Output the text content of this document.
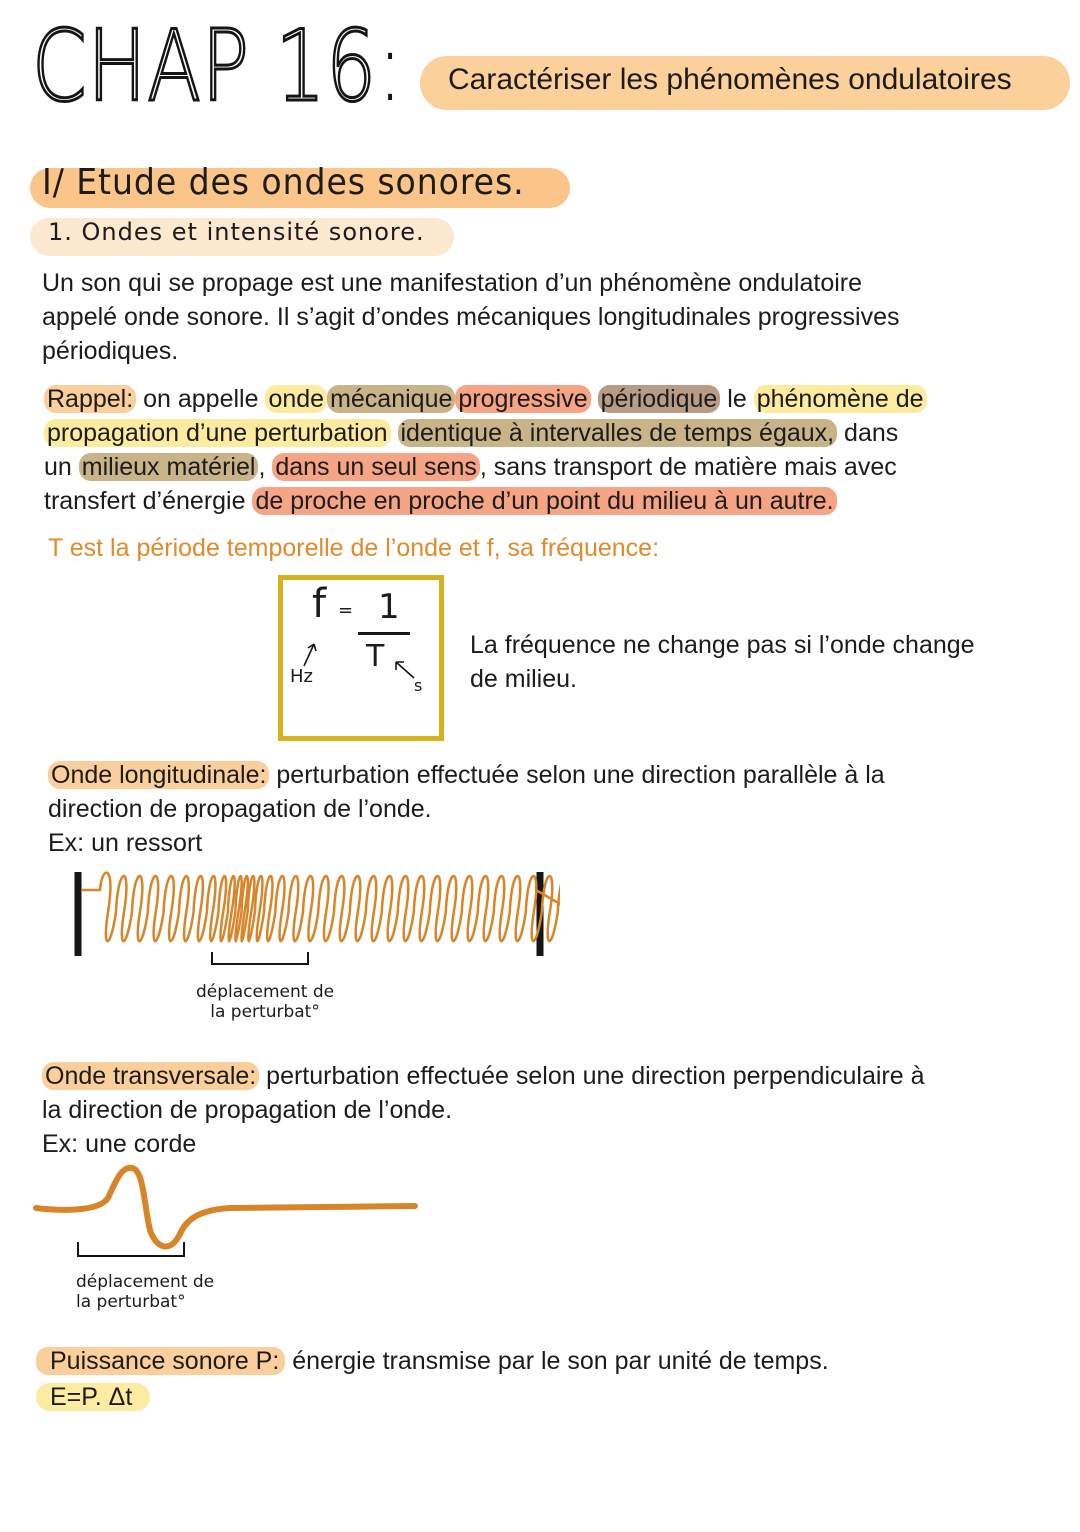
CHAP 16: Caractériser les phénomènes ondulatoires
I/ Etude des ondes sonores.
1. Ondes et intensité sonore.
Un son qui se propage est une manifestation d’un phénomène ondulatoire
appelé onde sonore. Il s’agit d’ondes mécaniques longitudinales progressives
périodiques.
Rappel: on appelle onde mécanique progressive périodique le phénomène de
propagation d’une perturbation identique à intervalles de temps égaux, dans
un milieux matériel , dans un seul sens , sans transport de matière mais avec
transfert d’énergie de proche en proche d’un point du milieu à un autre.
T est la période temporelle de l’onde et f, sa fréquence:
f = 1
T
Hz	s
La fréquence ne change pas si l’onde change
de milieu.
Onde longitudinale: perturbation effectuée selon une direction parallèle à la
direction de propagation de l’onde.
Ex: un ressort
déplacement de
la perturbat°
Onde transversale: perturbation effectuée selon une direction perpendiculaire à
la direction de propagation de l’onde.
Ex: une corde
déplacement de
la perturbat°
Puissance sonore P: énergie transmise par le son par unité de temps.
E=P. Δt
